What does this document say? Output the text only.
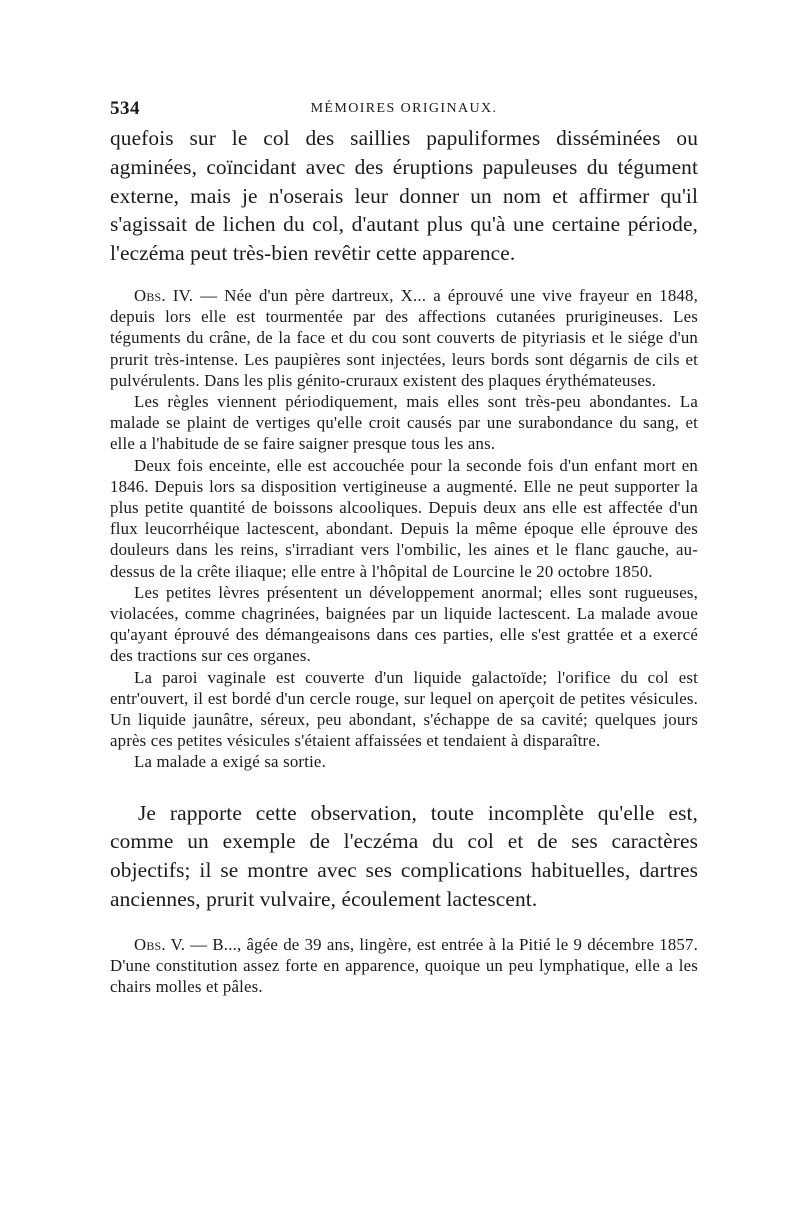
534	MÉMOIRES ORIGINAUX.

quefois sur le col des saillies papuliformes disséminées ou agminées, coïncidant avec des éruptions papuleuses du tégument externe, mais je n'oserais leur donner un nom et affirmer qu'il s'agissait de lichen du col, d'autant plus qu'à une certaine période, l'eczéma peut très-bien revêtir cette apparence.

Obs. IV. — Née d'un père dartreux, X... a éprouvé une vive frayeur en 1848, depuis lors elle est tourmentée par des affections cutanées prurigineuses. Les téguments du crâne, de la face et du cou sont couverts de pityriasis et le siége d'un prurit très-intense. Les paupières sont injectées, leurs bords sont dégarnis de cils et pulvérulents. Dans les plis génito-cruraux existent des plaques érythémateuses.

Les règles viennent périodiquement, mais elles sont très-peu abondantes. La malade se plaint de vertiges qu'elle croit causés par une surabondance du sang, et elle a l'habitude de se faire saigner presque tous les ans.

Deux fois enceinte, elle est accouchée pour la seconde fois d'un enfant mort en 1846. Depuis lors sa disposition vertigineuse a augmenté. Elle ne peut supporter la plus petite quantité de boissons alcooliques. Depuis deux ans elle est affectée d'un flux leucorrhéique lactescent, abondant. Depuis la même époque elle éprouve des douleurs dans les reins, s'irradiant vers l'ombilic, les aines et le flanc gauche, au-dessus de la crête iliaque; elle entre à l'hôpital de Lourcine le 20 octobre 1850.

Les petites lèvres présentent un développement anormal; elles sont rugueuses, violacées, comme chagrinées, baignées par un liquide lactescent. La malade avoue qu'ayant éprouvé des démangeaisons dans ces parties, elle s'est grattée et a exercé des tractions sur ces organes.

La paroi vaginale est couverte d'un liquide galactoïde; l'orifice du col est entr'ouvert, il est bordé d'un cercle rouge, sur lequel on aperçoit de petites vésicules. Un liquide jaunâtre, séreux, peu abondant, s'échappe de sa cavité; quelques jours après ces petites vésicules s'étaient affaissées et tendaient à disparaître.

La malade a exigé sa sortie.

Je rapporte cette observation, toute incomplète qu'elle est, comme un exemple de l'eczéma du col et de ses caractères objectifs; il se montre avec ses complications habituelles, dartres anciennes, prurit vulvaire, écoulement lactescent.

Obs. V. — B..., âgée de 39 ans, lingère, est entrée à la Pitié le 9 décembre 1857. D'une constitution assez forte en apparence, quoique un peu lymphatique, elle a les chairs molles et pâles.
